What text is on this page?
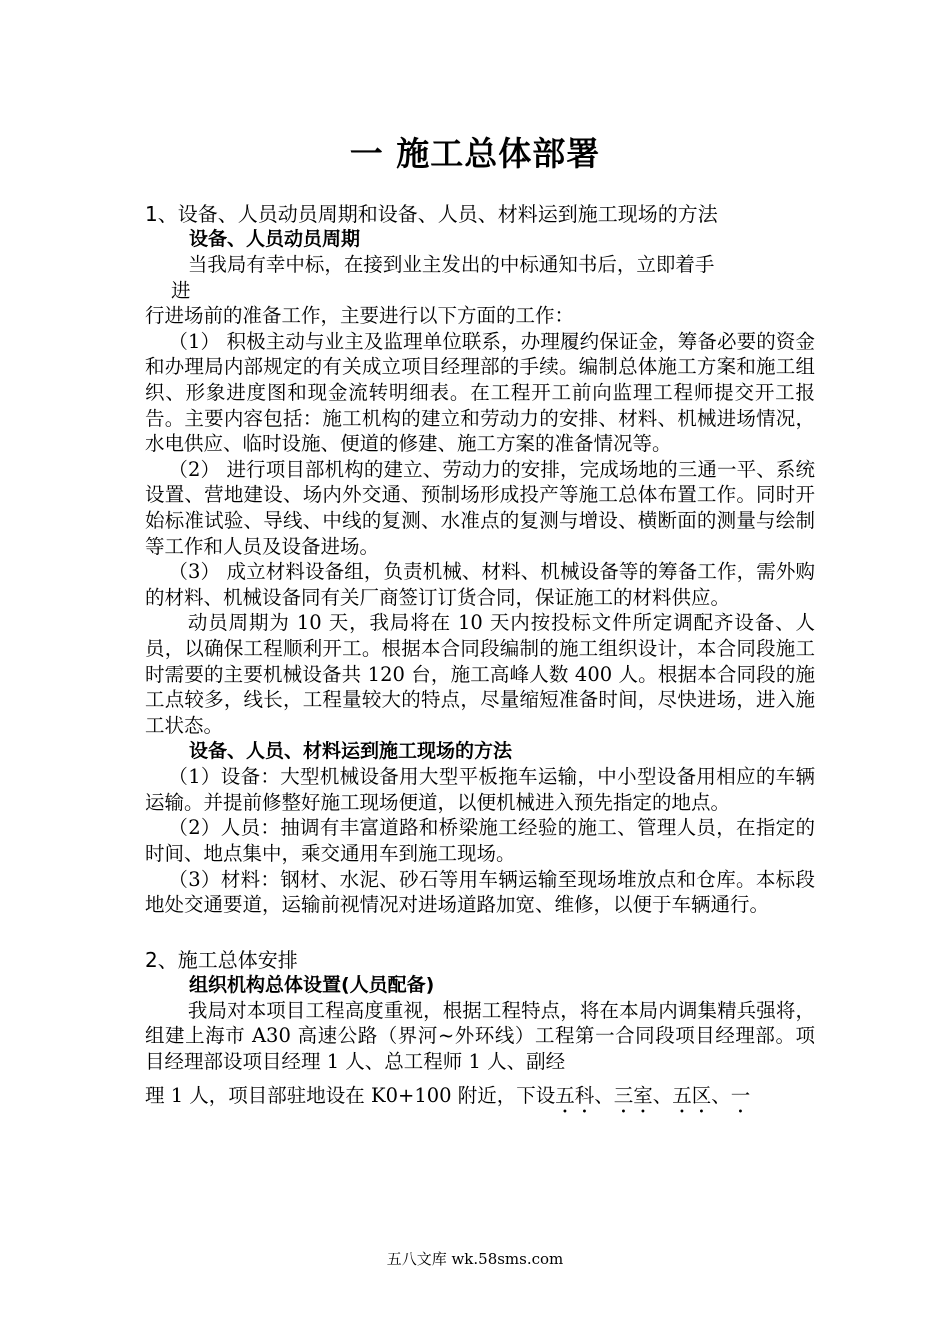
一 施工总体部署
1、设备、人员动员周期和设备、人员、材料运到施工现场的方法
设备、人员动员周期

当我局有幸中标，在接到业主发出的中标通知书后，立即着手

进

行进场前的准备工作，主要进行以下方面的工作：

（1） 积极主动与业主及监理单位联系，办理履约保证金，筹备必要的资金和办理局内部规定的有关成立项目经理部的手续。编制总体施工方案和施工组织、形象进度图和现金流转明细表。在工程开工前向监理工程师提交开工报告。主要内容包括：施工机构的建立和劳动力的安排、材料、机械进场情况，水电供应、临时设施、便道的修建、施工方案的准备情况等。

（2） 进行项目部机构的建立、劳动力的安排，完成场地的三通一平、系统设置、营地建设、场内外交通、预制场形成投产等施工总体布置工作。同时开始标准试验、导线、中线的复测、水准点的复测与增设、横断面的测量与绘制等工作和人员及设备进场。

（3） 成立材料设备组，负责机械、材料、机械设备等的筹备工作，需外购的材料、机械设备同有关厂商签订订货合同，保证施工的材料供应。

动员周期为 10 天，我局将在 10 天内按投标文件所定调配齐设备、人员，以确保工程顺利开工。根据本合同段编制的施工组织设计，本合同段施工时需要的主要机械设备共 120 台，施工高峰人数 400 人。根据本合同段的施工点较多，线长，工程量较大的特点，尽量缩短准备时间，尽快进场，进入施工状态。

设备、人员、材料运到施工现场的方法

（1）设备：大型机械设备用大型平板拖车运输，中小型设备用相应的车辆运输。并提前修整好施工现场便道，以便机械进入预先指定的地点。

（2）人员：抽调有丰富道路和桥梁施工经验的施工、管理人员，在指定的时间、地点集中，乘交通用车到施工现场。

（3）材料：钢材、水泥、砂石等用车辆运输至现场堆放点和仓库。本标段地处交通要道，运输前视情况对进场道路加宽、维修，以便于车辆通行。

2、施工总体安排
组织机构总体设置(人员配备)

我局对本项目工程高度重视，根据工程特点，将在本局内调集精兵强将，组建上海市 A30 高速公路（界河~外环线）工程第一合同段项目经理部。项目经理部设项目经理 1 人、总工程师 1 人、副经

理 1 人，项目部驻地设在 K0+100 附近，下设五科、三室、五区、一

五八文库 wk.58sms.com
